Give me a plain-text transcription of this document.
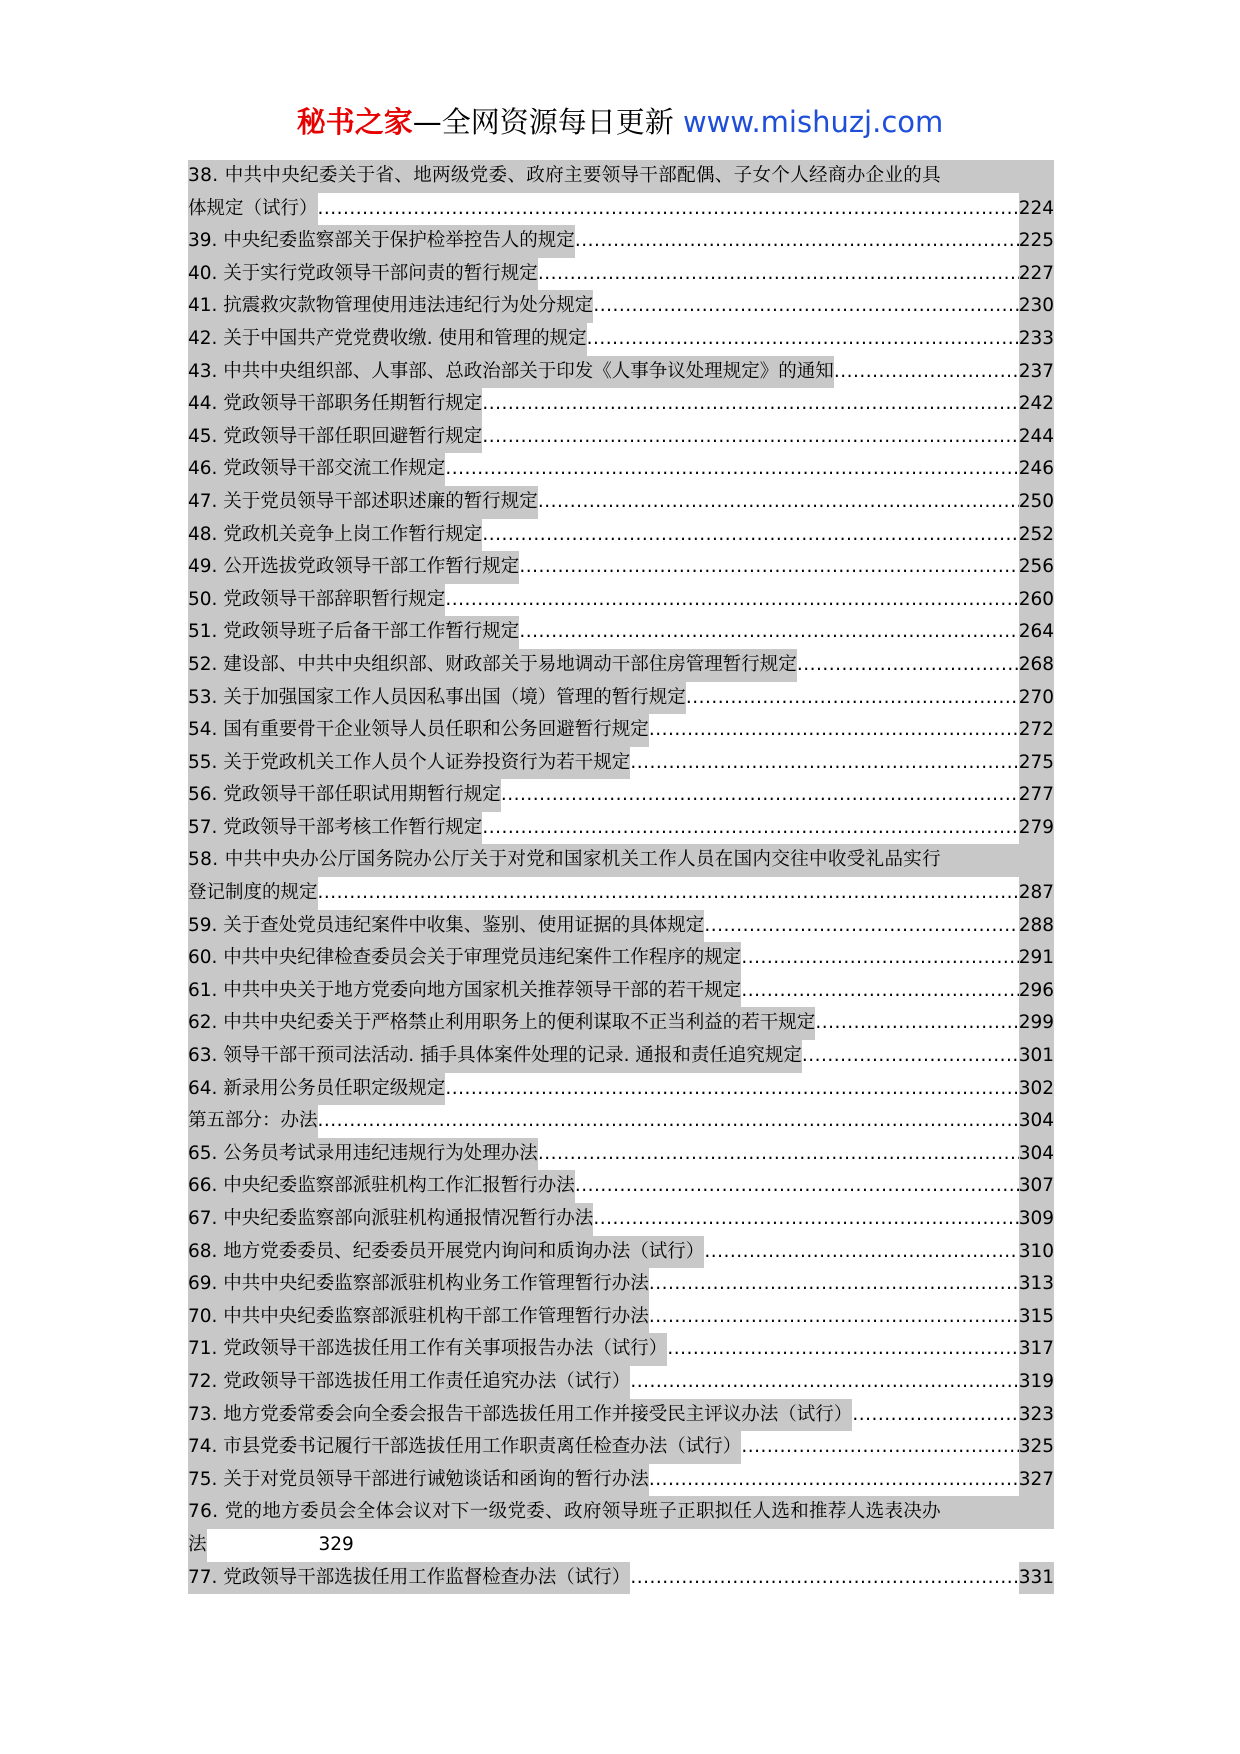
秘书之家—全网资源每日更新 www.mishuzj.com
38. 中共中央纪委关于省、地两级党委、政府主要领导干部配偶、子女个人经商办企业的具
体规定（试行） .....	224
39. 中央纪委监察部关于保护检举控告人的规定 .....	225
40. 关于实行党政领导干部问责的暂行规定 .....	227
41. 抗震救灾款物管理使用违法违纪行为处分规定 .....	230
42. 关于中国共产党党费收缴. 使用和管理的规定 .....	233
43. 中共中央组织部、人事部、总政治部关于印发《人事争议处理规定》的通知 .....	237
44. 党政领导干部职务任期暂行规定 .....	242
45. 党政领导干部任职回避暂行规定 .....	244
46. 党政领导干部交流工作规定 .....	246
47. 关于党员领导干部述职述廉的暂行规定 .....	250
48. 党政机关竞争上岗工作暂行规定 .....	252
49. 公开选拔党政领导干部工作暂行规定 .....	256
50. 党政领导干部辞职暂行规定 .....	260
51. 党政领导班子后备干部工作暂行规定 .....	264
52. 建设部、中共中央组织部、财政部关于易地调动干部住房管理暂行规定 .....	268
53. 关于加强国家工作人员因私事出国（境）管理的暂行规定 .....	270
54. 国有重要骨干企业领导人员任职和公务回避暂行规定 .....	272
55. 关于党政机关工作人员个人证券投资行为若干规定 .....	275
56. 党政领导干部任职试用期暂行规定 .....	277
57. 党政领导干部考核工作暂行规定 .....	279
58. 中共中央办公厅国务院办公厅关于对党和国家机关工作人员在国内交往中收受礼品实行
登记制度的规定 .....	287
59. 关于查处党员违纪案件中收集、鉴别、使用证据的具体规定 .....	288
60. 中共中央纪律检查委员会关于审理党员违纪案件工作程序的规定 .....	291
61. 中共中央关于地方党委向地方国家机关推荐领导干部的若干规定 .....	296
62. 中共中央纪委关于严格禁止利用职务上的便利谋取不正当利益的若干规定 .....	299
63. 领导干部干预司法活动. 插手具体案件处理的记录. 通报和责任追究规定 .....	301
64. 新录用公务员任职定级规定 .....	302
第五部分：办法 .....	304
65. 公务员考试录用违纪违规行为处理办法 .....	304
66. 中央纪委监察部派驻机构工作汇报暂行办法 .....	307
67. 中央纪委监察部向派驻机构通报情况暂行办法 .....	309
68. 地方党委委员、纪委委员开展党内询问和质询办法（试行） .....	310
69. 中共中央纪委监察部派驻机构业务工作管理暂行办法 .....	313
70. 中共中央纪委监察部派驻机构干部工作管理暂行办法 .....	315
71. 党政领导干部选拔任用工作有关事项报告办法（试行） .....	317
72. 党政领导干部选拔任用工作责任追究办法（试行） .....	319
73. 地方党委常委会向全委会报告干部选拔任用工作并接受民主评议办法（试行） .....	323
74. 市县党委书记履行干部选拔任用工作职责离任检查办法（试行） .....	325
75. 关于对党员领导干部进行诫勉谈话和函询的暂行办法 .....	327
76. 党的地方委员会全体会议对下一级党委、政府领导班子正职拟任人选和推荐人选表决办
法	329
77. 党政领导干部选拔任用工作监督检查办法（试行） .....	331
